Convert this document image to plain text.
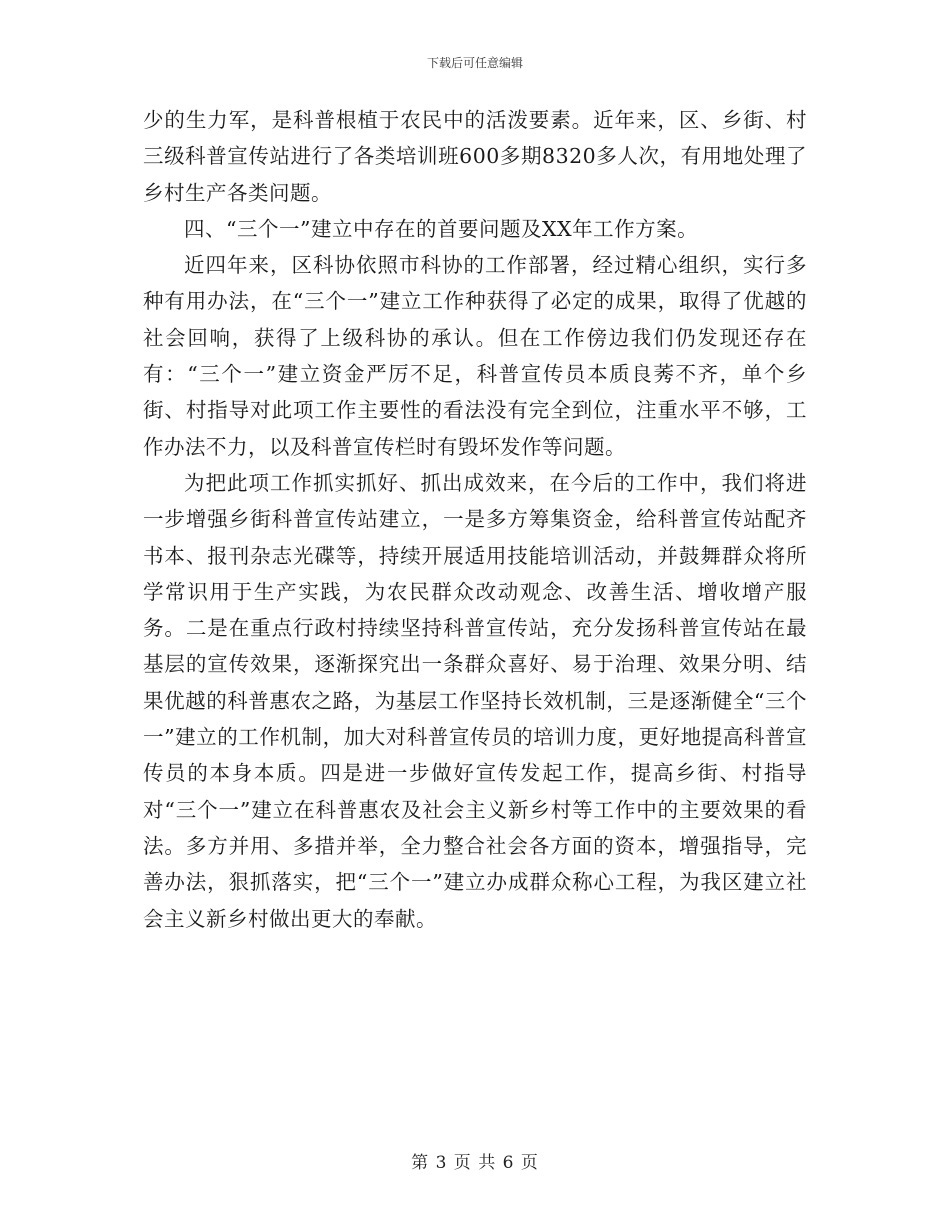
下载后可任意编辑

少的生力军，是科普根植于农民中的活泼要素。近年来，区、乡街、村三级科普宣传站进行了各类培训班600多期8320多人次，有用地处理了乡村生产各类问题。

四、“三个一”建立中存在的首要问题及XX年工作方案。

近四年来，区科协依照市科协的工作部署，经过精心组织，实行多种有用办法，在“三个一”建立工作种获得了必定的成果，取得了优越的社会回响，获得了上级科协的承认。但在工作傍边我们仍发现还存在有：“三个一”建立资金严厉不足，科普宣传员本质良莠不齐，单个乡街、村指导对此项工作主要性的看法没有完全到位，注重水平不够，工作办法不力，以及科普宣传栏时有毁坏发作等问题。

为把此项工作抓实抓好、抓出成效来，在今后的工作中，我们将进一步增强乡街科普宣传站建立，一是多方筹集资金，给科普宣传站配齐书本、报刊杂志光碟等，持续开展适用技能培训活动，并鼓舞群众将所学常识用于生产实践，为农民群众改动观念、改善生活、增收增产服务。二是在重点行政村持续坚持科普宣传站，充分发扬科普宣传站在最基层的宣传效果，逐渐探究出一条群众喜好、易于治理、效果分明、结果优越的科普惠农之路，为基层工作坚持长效机制，三是逐渐健全“三个一”建立的工作机制，加大对科普宣传员的培训力度，更好地提高科普宣传员的本身本质。四是进一步做好宣传发起工作，提高乡街、村指导对“三个一”建立在科普惠农及社会主义新乡村等工作中的主要效果的看法。多方并用、多措并举，全力整合社会各方面的资本，增强指导，完善办法，狠抓落实，把“三个一”建立办成群众称心工程，为我区建立社会主义新乡村做出更大的奉献。

第 3 页 共 6 页
